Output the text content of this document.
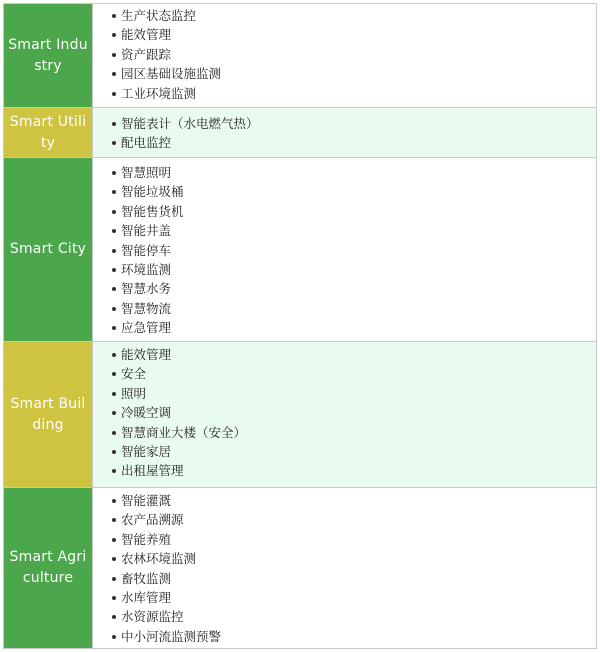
Smart Industry
生产状态监控
能效管理
资产跟踪
园区基础设施监测
工业环境监测
Smart Utility
智能表计（水电燃气热）
配电监控
Smart City
智慧照明
智能垃圾桶
智能售货机
智能井盖
智能停车
环境监测
智慧水务
智慧物流
应急管理
Smart Building
能效管理
安全
照明
冷暖空调
智慧商业大楼（安全）
智能家居
出租屋管理
Smart Agriculture
智能灌溉
农产品溯源
智能养殖
农林环境监测
畜牧监测
水库管理
水资源监控
中小河流监测预警
